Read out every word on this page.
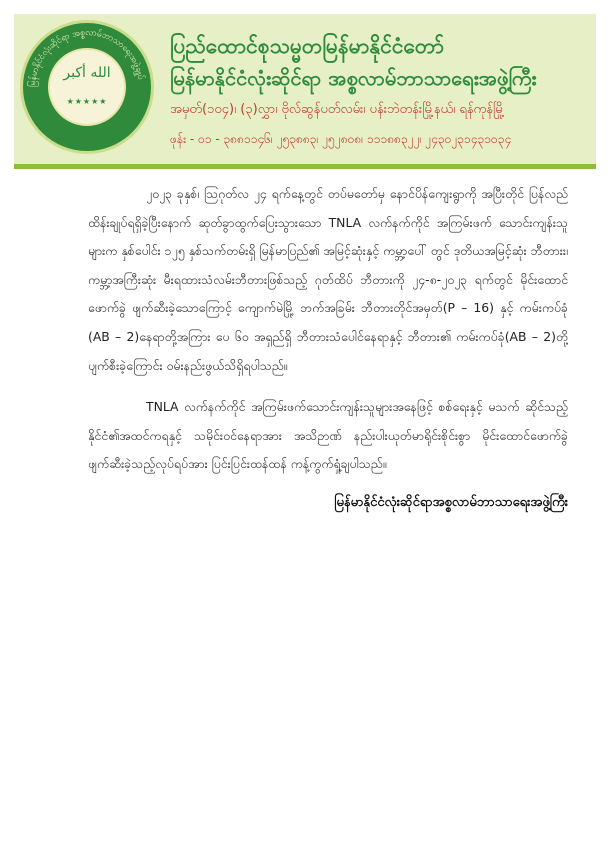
မြန်မာနိုင်ငံလုံးဆိုင်ရာ အစ္စလာမ်ဘာသာရေးအဖွဲ့ချုပ်
الله أكبر
★★★★★
ပြည်ထောင်စုသမ္မတမြန်မာနိုင်ငံတော်
မြန်မာနိုင်ငံလုံးဆိုင်ရာ အစ္စလာမ်ဘာသာရေးအဖွဲ့ကြီး
အမှတ်(၁၀၄)၊ (၃)လွှာ၊ ဗိုလ်ဆွန်ပတ်လမ်း၊ ပန်းဘဲတန်းမြို့နယ်၊ ရန်ကုန်မြို့
ဖုန်း - ၀၁ - ၃၈၈၁၁၄၆၊ ၂၅၃၈၈၃၊ ၂၅၂၈၀၈၊ ၁၁၁၈၈၃၂၂၊ ၂၄၃၀၂၃၁၄၃၁၀၃၄

၂၀၂၃ ခုနှစ်၊ ဩဂုတ်လ ၂၄ ရက်နေ့တွင် တပ်မတော်မှ နောင်ပိန်ကျေးရွာကို အပြီးတိုင် ပြန်လည် ထိန်းချုပ်ရရှိခဲ့ပြီးနောက် ဆုတ်ခွာထွက်ပြေးသွားသော TNLA လက်နက်ကိုင် အကြမ်းဖက် သောင်းကျန်းသူများက နှစ်ပေါင်း ၁၂၅ နှစ်သက်တမ်းရှိ မြန်မာပြည်၏ အမြင့်ဆုံးနှင့် ကမ္ဘာ့ပေါ် တွင် ဒုတိယအမြင့်ဆုံး ဘီတားး၊ ကမ္ဘာ့အကြီးဆုံး မီးရထားသံလမ်းဘီတားဖြစ်သည့် ဂုတ်ထိပ် ဘီတားကို ၂၄-၈-၂၀၂၃ ရက်တွင် မိုင်းထောင်ဖောက်ခွဲ ဖျက်ဆီးခဲ့သောကြောင့် ကျောက်မဲမြို့ ဘက်အခြမ်း ဘီတားတိုင်အမှတ်(P – 16) နှင့် ကမ်းကပ်ခုံ (AB – 2)နေရာတို့အကြား ပေ ၆၀ အရှည်ရှိ ဘီတားသံပေါင်နေရာနှင့် ဘီတား၏ ကမ်းကပ်ခုံ(AB – 2)တို့ ပျက်စီးခဲ့ကြောင်း ဝမ်းနည်းဖွယ်သိရှိရပါသည်။

TNLA လက်နက်ကိုင် အကြမ်းဖက်သောင်းကျန်းသူများအနေဖြင့် စစ်ရေးနှင့် မသက် ဆိုင်သည့် နိုင်ငံ၏အထင်ကရနှင့် သမိုင်းဝင်နေရာအား အသိဉာဏ် နည်းပါးယုတ်မာရိုင်းစိုင်းစွာ မိုင်းထောင်ဖောက်ခွဲဖျက်ဆီးခဲ့သည့်လုပ်ရပ်အား ပြင်းပြင်းထန်ထန် ကန့်ကွက်ရှုံ့ချပါသည်။

မြန်မာနိုင်ငံလုံးဆိုင်ရာအစ္စလာမ်ဘာသာရေးအဖွဲ့ကြီး
